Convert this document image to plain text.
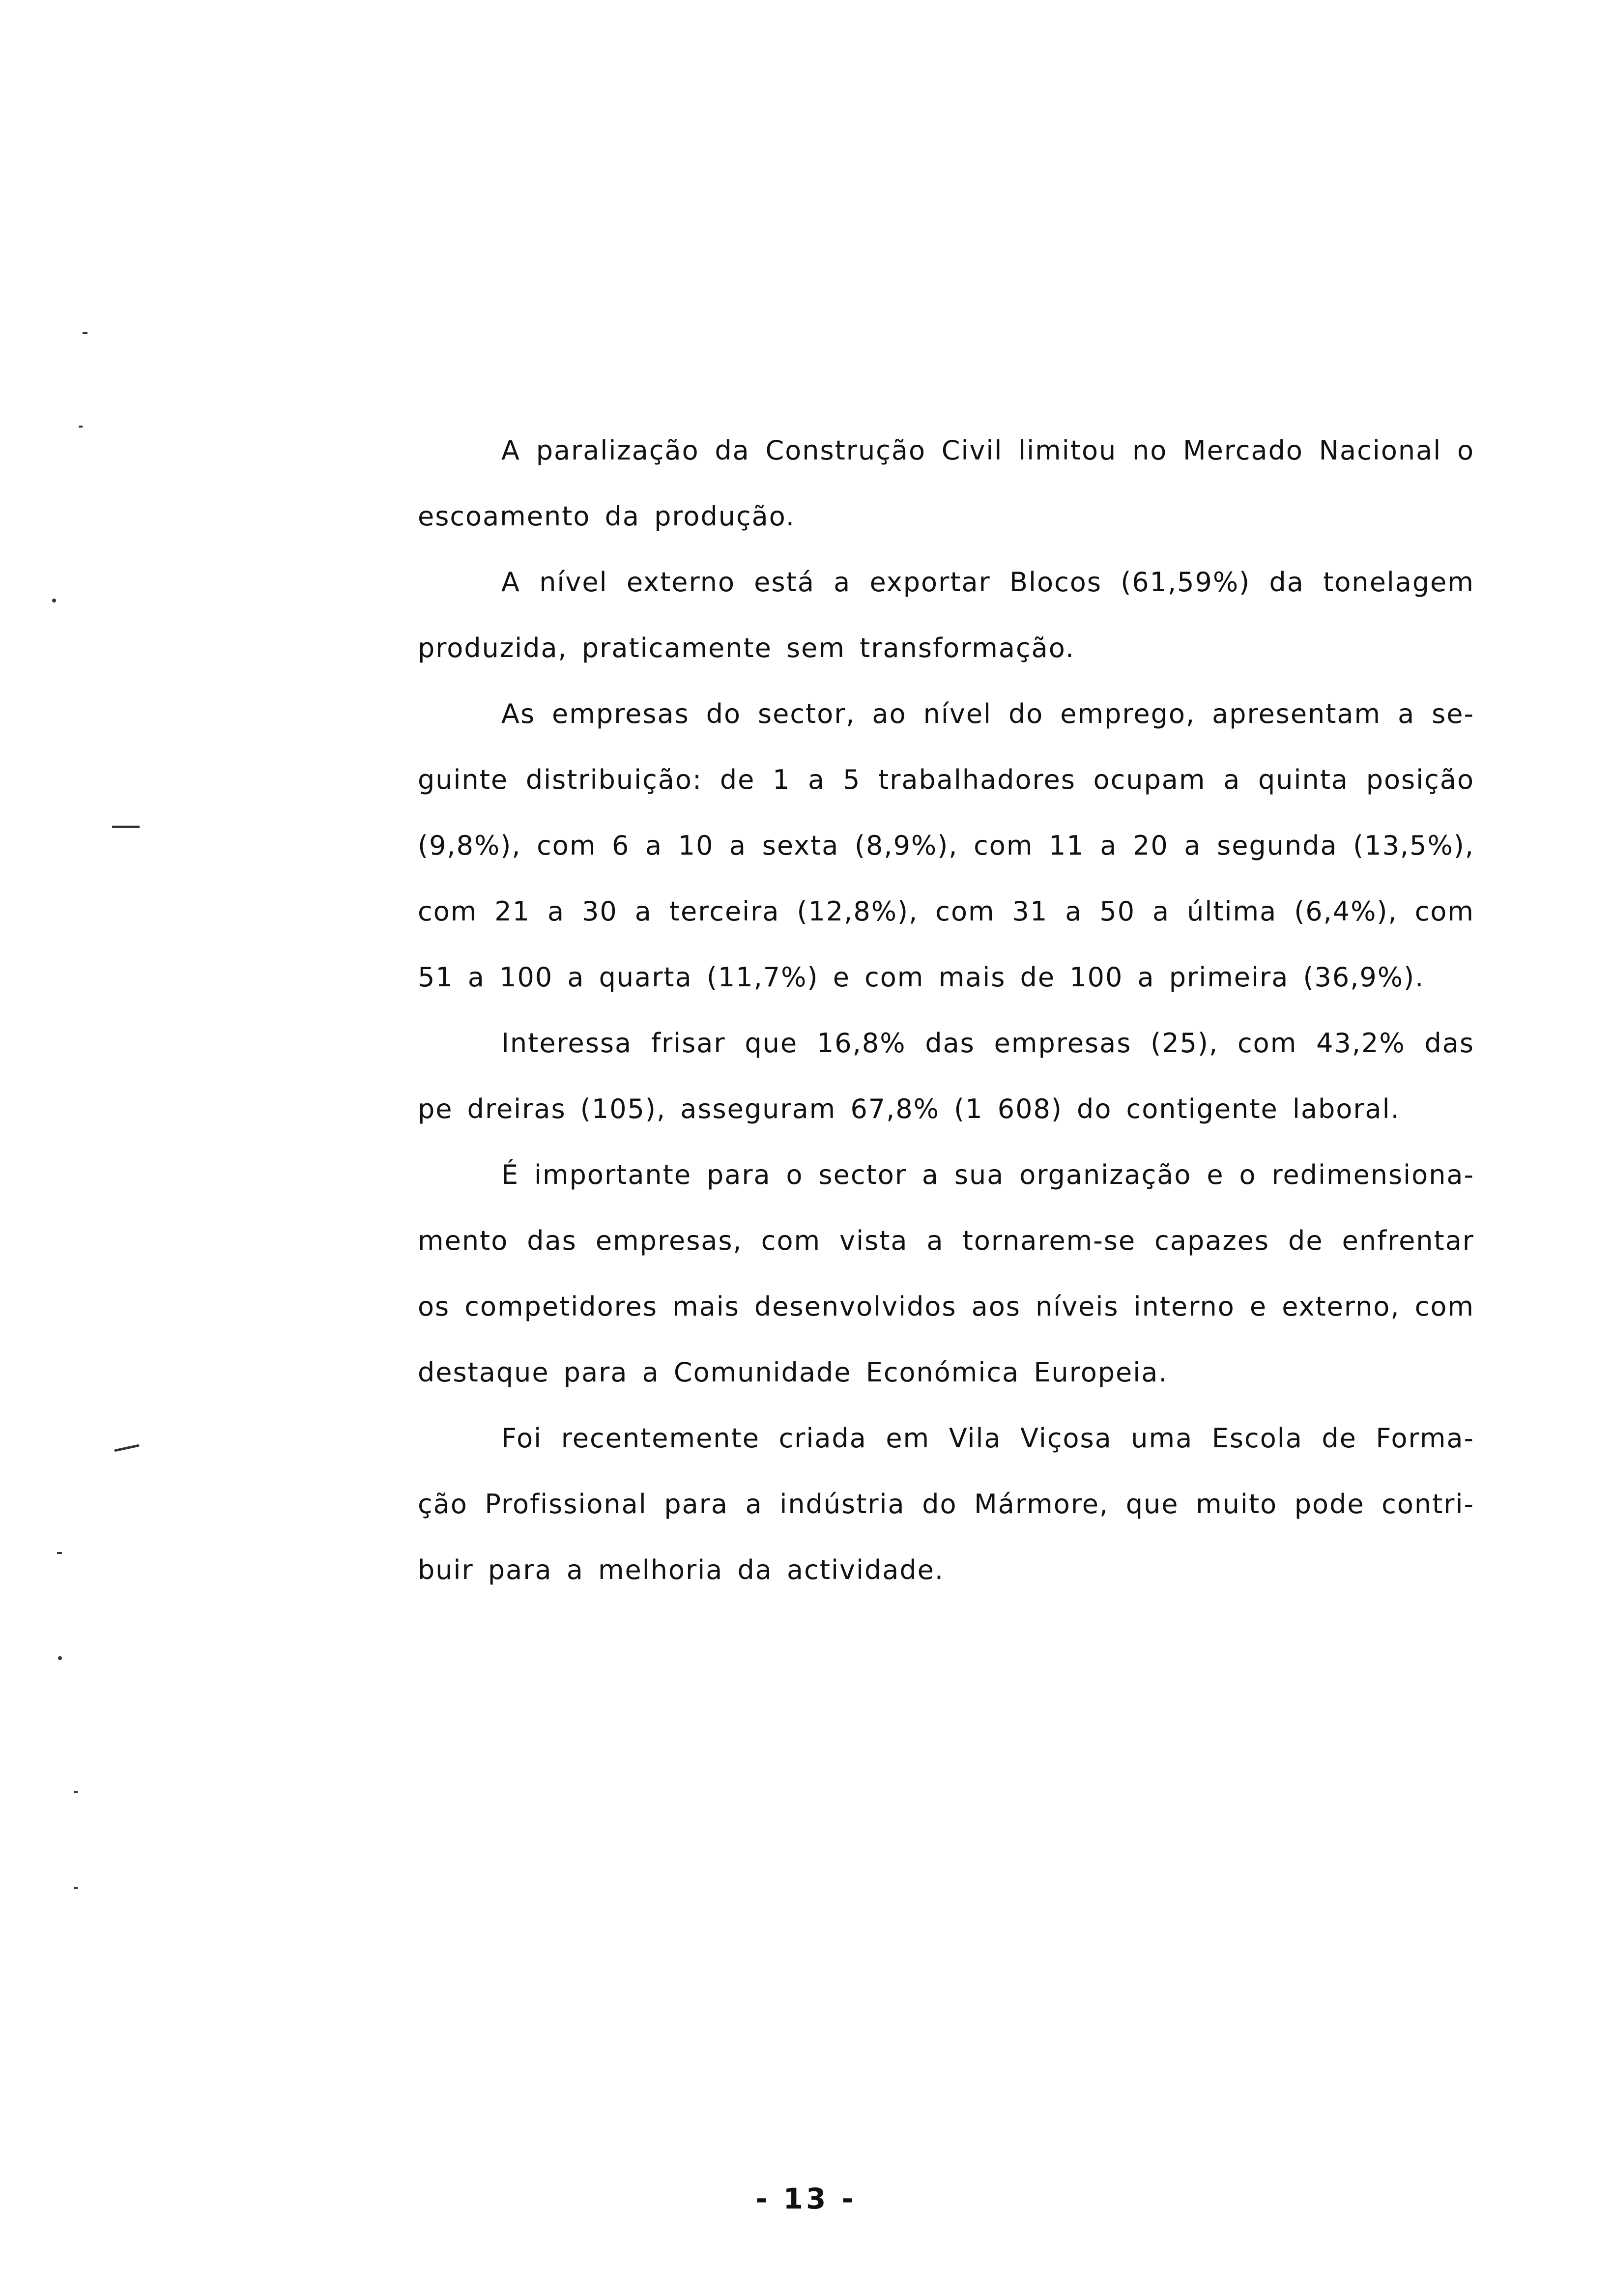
A paralização da Construção Civil limitou no Mercado Nacional o escoamento da produção.

A nível externo está a exportar Blocos (61,59%) da tonelagem produzida, praticamente sem transformação.

As empresas do sector, ao nível do emprego, apresentam a se-guinte distribuição: de 1 a 5 trabalhadores ocupam a quinta posição (9,8%), com 6 a 10 a sexta (8,9%), com 11 a 20 a segunda (13,5%), com 21 a 30 a terceira (12,8%), com 31 a 50 a última (6,4%), com 51 a 100 a quarta (11,7%) e com mais de 100 a primeira (36,9%).

Interessa frisar que 16,8% das empresas (25), com 43,2% das pe dreiras (105), asseguram 67,8% (1 608) do contigente laboral.

É importante para o sector a sua organização e o redimensiona-mento das empresas, com vista a tornarem-se capazes de enfrentar os competidores mais desenvolvidos aos níveis interno e externo, com destaque para a Comunidade Económica Europeia.

Foi recentemente criada em Vila Viçosa uma Escola de Forma-ção Profissional para a indústria do Mármore, que muito pode contri-buir para a melhoria da actividade.

- 13 -
